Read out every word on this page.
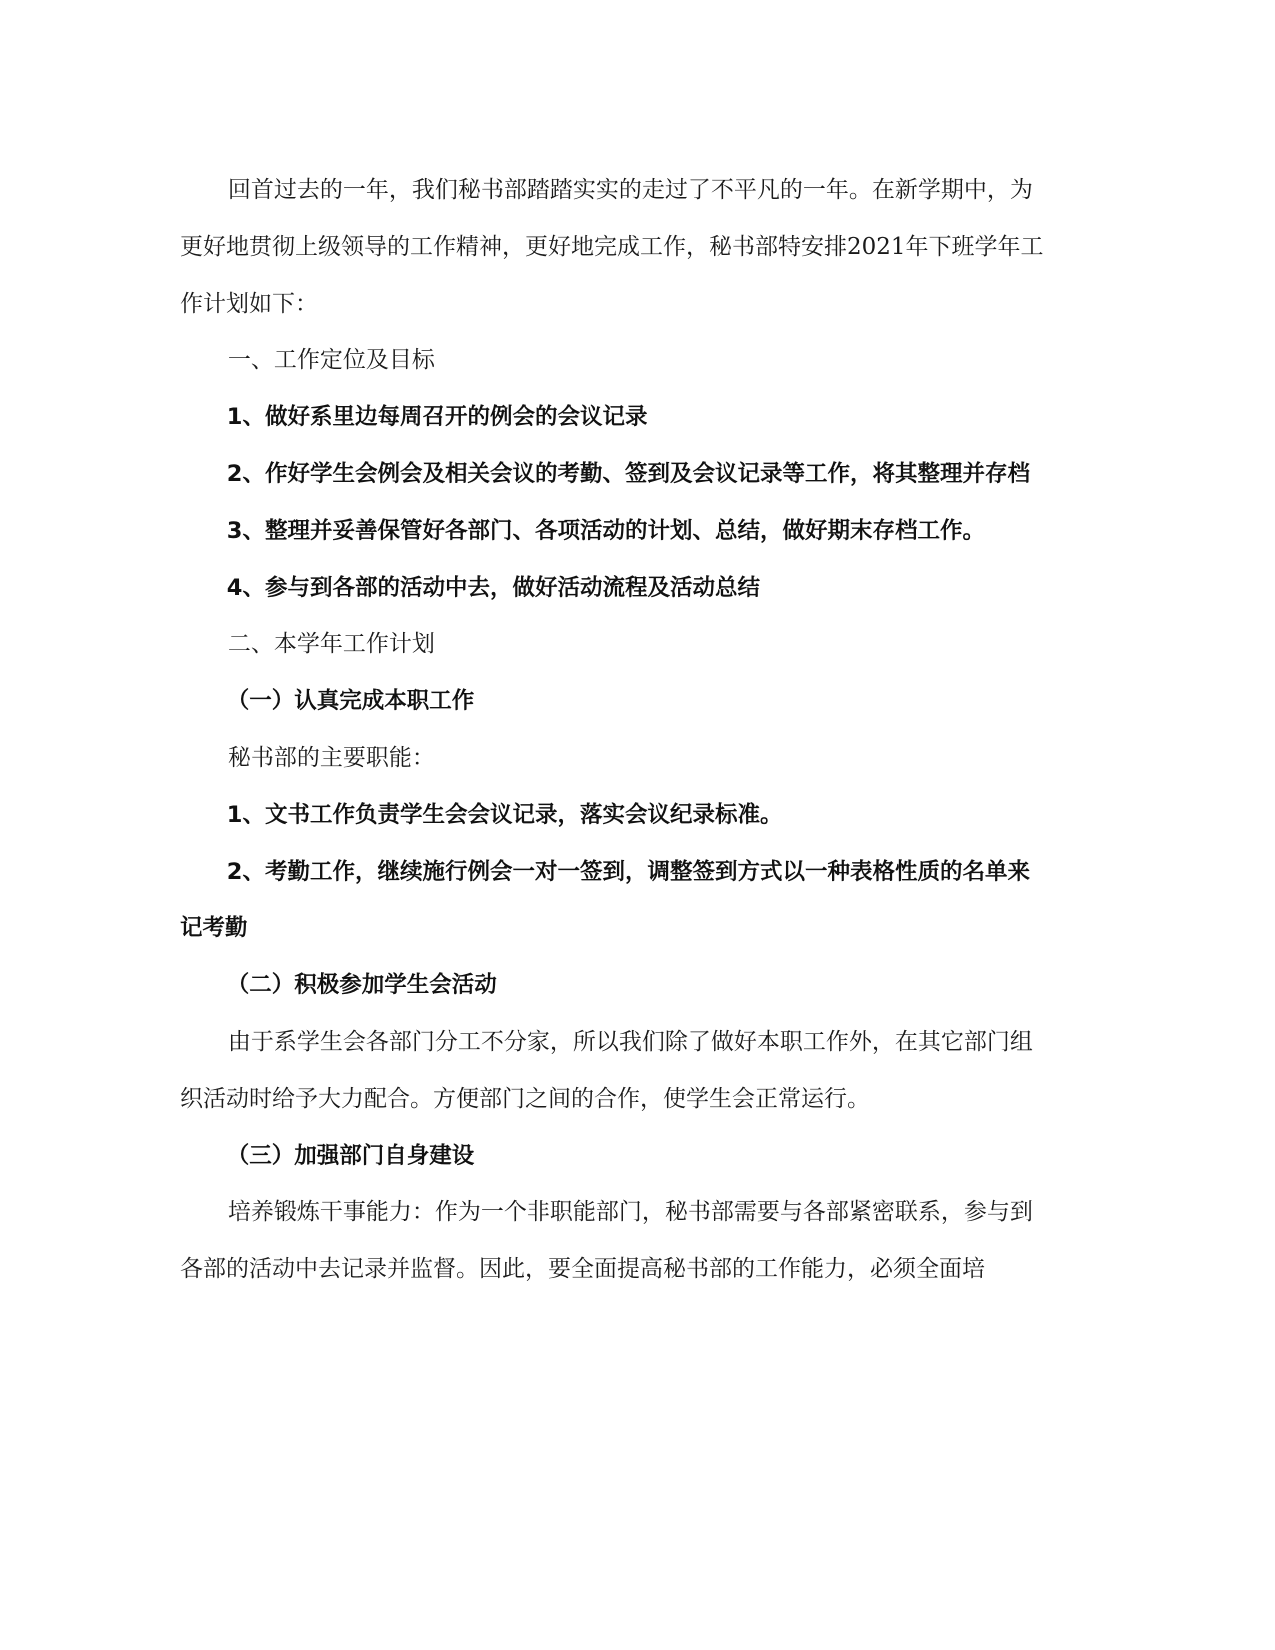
回首过去的一年，我们秘书部踏踏实实的走过了不平凡的一年。在新学期中，为更好地贯彻上级领导的工作精神，更好地完成工作，秘书部特安排2021年下班学年工作计划如下：

一、工作定位及目标

1、做好系里边每周召开的例会的会议记录

2、作好学生会例会及相关会议的考勤、签到及会议记录等工作，将其整理并存档

3、整理并妥善保管好各部门、各项活动的计划、总结，做好期末存档工作。

4、参与到各部的活动中去，做好活动流程及活动总结

二、本学年工作计划

（一）认真完成本职工作

秘书部的主要职能：

1、文书工作负责学生会会议记录，落实会议纪录标准。

2、考勤工作，继续施行例会一对一签到，调整签到方式以一种表格性质的名单来记考勤

（二）积极参加学生会活动

由于系学生会各部门分工不分家，所以我们除了做好本职工作外，在其它部门组织活动时给予大力配合。方便部门之间的合作，使学生会正常运行。

（三）加强部门自身建设

培养锻炼干事能力：作为一个非职能部门，秘书部需要与各部紧密联系，参与到各部的活动中去记录并监督。因此，要全面提高秘书部的工作能力，必须全面培
